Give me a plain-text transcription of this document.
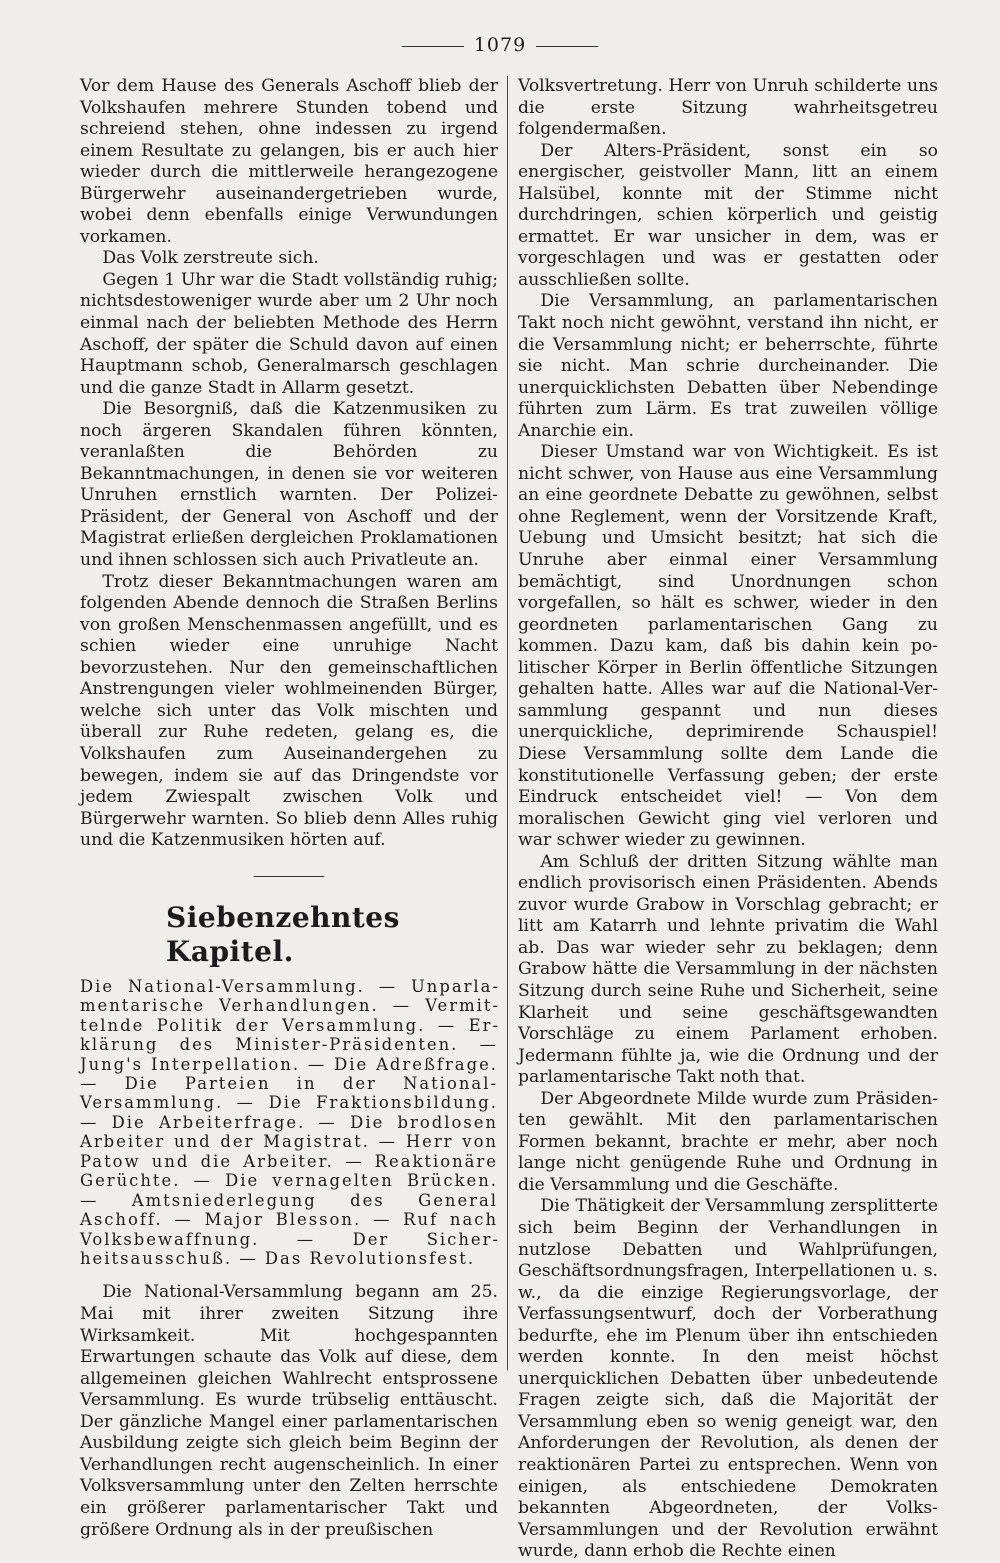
1079

Vor dem Hause des Generals Aschoff blieb der Volkshaufen mehrere Stunden tobend und schreiend stehen, ohne indessen zu irgend einem Resultate zu gelangen, bis er auch hier wieder durch die mittlerweile herangezogene Bürgerwehr auseinandergetrieben wurde, wobei denn ebenfalls einige Verwundungen vorkamen.

Das Volk zerstreute sich.

Gegen 1 Uhr war die Stadt vollständig ruhig; nichtsdestoweniger wurde aber um 2 Uhr noch einmal nach der beliebten Methode des Herrn Aschoff, der später die Schuld davon auf einen Hauptmann schob, Generalmarsch geschlagen und die ganze Stadt in Allarm gesetzt.

Die Besorgniß, daß die Katzenmusiken zu noch ärgeren Skandalen führen könnten, veranlaßten die Behörden zu Bekanntmachungen, in denen sie vor weiteren Unruhen ernstlich warnten. Der Polizei-Präsident, der General von Aschoff und der Magistrat erließen dergleichen Proklamationen und ihnen schlossen sich auch Privatleute an.

Trotz dieser Bekanntmachungen waren am folgenden Abende dennoch die Straßen Berlins von großen Menschenmassen angefüllt, und es schien wieder eine unruhige Nacht bevorzustehen. Nur den gemeinschaftlichen Anstrengungen vieler wohlmeinenden Bürger, welche sich unter das Volk mischten und überall zur Ruhe redeten, gelang es, die Volkshaufen zum Auseinandergehen zu bewegen, indem sie auf das Dringendste vor jedem Zwiespalt zwischen Volk und Bürgerwehr warnten. So blieb denn Alles ruhig und die Katzenmusiken hörten auf.

Siebenzehntes Kapitel.
Die National-Versammlung. — Unparlamentarische Verhandlungen. — Vermittelnde Politik der Versammlung. — Erklärung des Minister-Präsidenten. — Jung's Interpellation. — Die Adreßfrage. — Die Parteien in der National-Versammlung. — Die Fraktionsbildung. — Die Arbeiterfrage. — Die brodlosen Arbeiter und der Magistrat. — Herr von Patow und die Arbeiter. — Reaktionäre Gerüchte. — Die vernagelten Brücken. — Amtsniederlegung des General Aschoff. — Major Blesson. — Ruf nach Volksbewaffnung. — Der Sicherheitsausschuß. — Das Revolutionsfest.

Die National-Versammlung begann am 25. Mai mit ihrer zweiten Sitzung ihre Wirksamkeit. Mit hochgespannten Erwartungen schaute das Volk auf diese, dem allgemeinen gleichen Wahlrecht entsprossene Versammlung. Es wurde trübselig enttäuscht. Der gänzliche Mangel einer parlamentarischen Ausbildung zeigte sich gleich beim Beginn der Verhandlungen recht augenscheinlich. In einer Volksversammlung unter den Zelten herrschte ein größerer parlamentarischer Takt und größere Ordnung als in der preußischen

Volksvertretung. Herr von Unruh schilderte uns die erste Sitzung wahrheitsgetreu folgendermaßen.

Der Alters-Präsident, sonst ein so energischer, geistvoller Mann, litt an einem Halsübel, konnte mit der Stimme nicht durchdringen, schien körperlich und geistig ermattet. Er war unsicher in dem, was er vorgeschlagen und was er gestatten oder ausschließen sollte.

Die Versammlung, an parlamentarischen Takt noch nicht gewöhnt, verstand ihn nicht, er die Versammlung nicht; er beherrschte, führte sie nicht. Man schrie durcheinander. Die unerquicklichsten Debatten über Nebendinge führten zum Lärm. Es trat zuweilen völlige Anarchie ein.

Dieser Umstand war von Wichtigkeit. Es ist nicht schwer, von Hause aus eine Versammlung an eine geordnete Debatte zu gewöhnen, selbst ohne Reglement, wenn der Vorsitzende Kraft, Uebung und Umsicht besitzt; hat sich die Unruhe aber einmal einer Versammlung bemächtigt, sind Unordnungen schon vorgefallen, so hält es schwer, wieder in den geordneten parlamentarischen Gang zu kommen. Dazu kam, daß bis dahin kein politischer Körper in Berlin öffentliche Sitzungen gehalten hatte. Alles war auf die National-Versammlung gespannt und nun dieses unerquickliche, deprimirende Schauspiel! Diese Versammlung sollte dem Lande die konstitutionelle Verfassung geben; der erste Eindruck entscheidet viel! — Von dem moralischen Gewicht ging viel verloren und war schwer wieder zu gewinnen.

Am Schluß der dritten Sitzung wählte man endlich provisorisch einen Präsidenten. Abends zuvor wurde Grabow in Vorschlag gebracht; er litt am Katarrh und lehnte privatim die Wahl ab. Das war wieder sehr zu beklagen; denn Grabow hätte die Versammlung in der nächsten Sitzung durch seine Ruhe und Sicherheit, seine Klarheit und seine geschäftsgewandten Vorschläge zu einem Parlament erhoben. Jedermann fühlte ja, wie die Ordnung und der parlamentarische Takt noth that.

Der Abgeordnete Milde wurde zum Präsidenten gewählt. Mit den parlamentarischen Formen bekannt, brachte er mehr, aber noch lange nicht genügende Ruhe und Ordnung in die Versammlung und die Geschäfte.

Die Thätigkeit der Versammlung zersplitterte sich beim Beginn der Verhandlungen in nutzlose Debatten und Wahlprüfungen, Geschäftsordnungsfragen, Interpellationen u. s. w., da die einzige Regierungsvorlage, der Verfassungsentwurf, doch der Vorberathung bedurfte, ehe im Plenum über ihn entschieden werden konnte. In den meist höchst unerquicklichen Debatten über unbedeutende Fragen zeigte sich, daß die Majorität der Versammlung eben so wenig geneigt war, den Anforderungen der Revolution, als denen der reaktionären Partei zu entsprechen. Wenn von einigen, als entschiedene Demokraten bekannten Abgeordneten, der Volks-Versammlungen und der Revolution erwähnt wurde, dann erhob die Rechte einen
